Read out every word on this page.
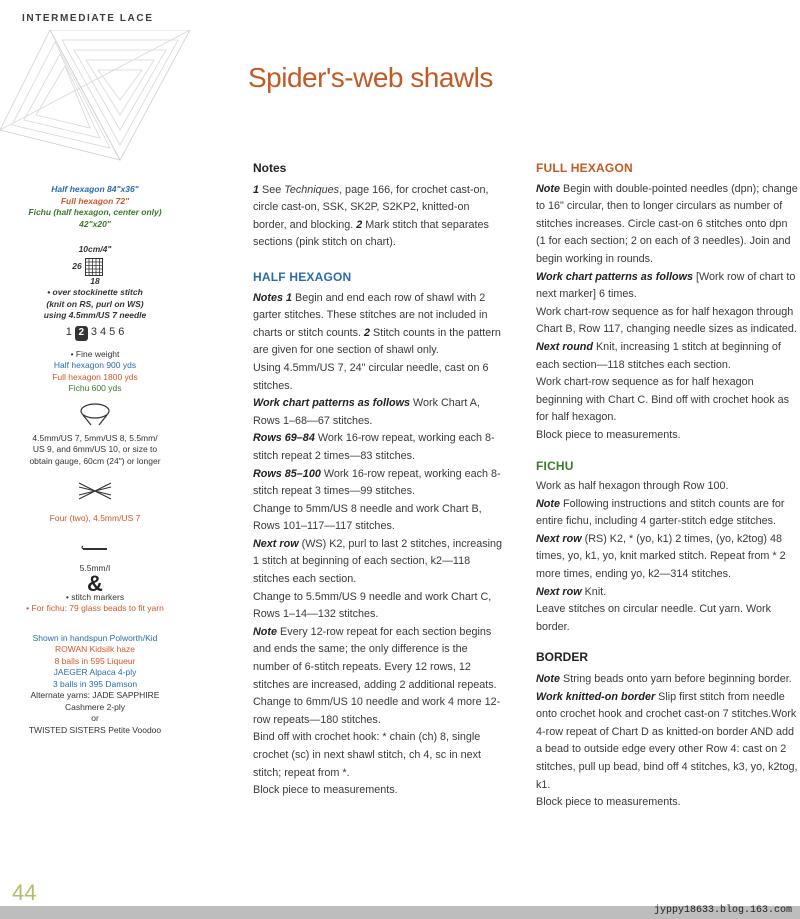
INTERMEDIATE LACE
Spider's-web shawls
Half hexagon 84"x36"
Full hexagon 72"
Fichu (half hexagon, center only)
42"x20"
10cm/4"
26
18
• over stockinette stitch
(knit on RS, purl on WS)
using 4.5mm/US 7 needle
1 2 3 4 5 6
• Fine weight
Half hexagon 900 yds
Full hexagon 1800 yds
Fichu 600 yds
4.5mm/US 7, 5mm/US 8, 5.5mm/
US 9, and 6mm/US 10, or size to
obtain gauge, 60cm (24") or longer
Four (two), 4.5mm/US 7
5.5mm/I
&
• stitch markers
• For fichu: 79 glass beads to fit yarn
Shown in handspun Polworth/Kid
ROWAN Kidsilk haze
8 balls in 595 Liqueur
JAEGER Alpaca 4-ply
3 balls in 395 Damson
Alternate yarns: JADE SAPPHIRE
Cashmere 2-ply
or
TWISTED SISTERS Petite Voodoo
Notes

1 See Techniques, page 166, for crochet cast-on, circle cast-on, SSK, SK2P, S2KP2, knitted-on border, and blocking. 2 Mark stitch that separates sections (pink stitch on chart).

HALF HEXAGON

Notes 1 Begin and end each row of shawl with 2 garter stitches. These stitches are not included in charts or stitch counts. 2 Stitch counts in the pattern are given for one section of shawl only.

Using 4.5mm/US 7, 24" circular needle, cast on 6 stitches.

Work chart patterns as follows Work Chart A, Rows 1–68—67 stitches.

Rows 69–84 Work 16-row repeat, working each 8-stitch repeat 2 times—83 stitches.

Rows 85–100 Work 16-row repeat, working each 8-stitch repeat 3 times—99 stitches.

Change to 5mm/US 8 needle and work Chart B, Rows 101–117—117 stitches.

Next row (WS) K2, purl to last 2 stitches, increasing 1 stitch at beginning of each section, k2—118 stitches each section.

Change to 5.5mm/US 9 needle and work Chart C, Rows 1–14—132 stitches.

Note Every 12-row repeat for each section begins and ends the same; the only difference is the number of 6-stitch repeats. Every 12 rows, 12 stitches are increased, adding 2 additional repeats.

Change to 6mm/US 10 needle and work 4 more 12-row repeats—180 stitches.

Bind off with crochet hook: * chain (ch) 8, single crochet (sc) in next shawl stitch, ch 4, sc in next stitch; repeat from *.

Block piece to measurements.

FULL HEXAGON

Note Begin with double-pointed needles (dpn); change to 16" circular, then to longer circulars as number of stitches increases. Circle cast-on 6 stitches onto dpn (1 for each section; 2 on each of 3 needles). Join and begin working in rounds.

Work chart patterns as follows [Work row of chart to next marker] 6 times.

Work chart-row sequence as for half hexagon through Chart B, Row 117, changing needle sizes as indicated.

Next round Knit, increasing 1 stitch at beginning of each section—118 stitches each section.

Work chart-row sequence as for half hexagon beginning with Chart C. Bind off with crochet hook as for half hexagon.

Block piece to measurements.

FICHU

Work as half hexagon through Row 100.

Note Following instructions and stitch counts are for entire fichu, including 4 garter-stitch edge stitches.

Next row (RS) K2, * (yo, k1) 2 times, (yo, k2tog) 48 times, yo, k1, yo, knit marked stitch. Repeat from * 2 more times, ending yo, k2—314 stitches.

Next row Knit.

Leave stitches on circular needle. Cut yarn. Work border.

BORDER

Note String beads onto yarn before beginning border.

Work knitted-on border Slip first stitch from needle onto crochet hook and crochet cast-on 7 stitches.Work 4-row repeat of Chart D as knitted-on border AND add a bead to outside edge every other Row 4: cast on 2 stitches, pull up bead, bind off 4 stitches, k3, yo, k2tog, k1.

Block piece to measurements.

44
jyppy18633.blog.163.com
